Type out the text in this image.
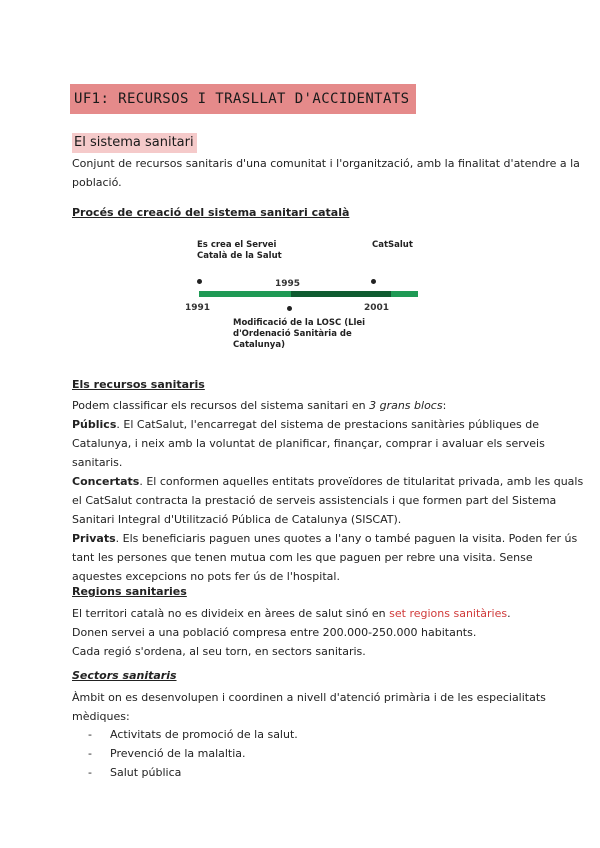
UF1: RECURSOS I TRASLLAT D'ACCIDENTATS
El sistema sanitari
Conjunt de recursos sanitaris d'una comunitat i l'organització, amb la finalitat d'atendre a la
població.
Procés de creació del sistema sanitari català
Es crea el Servei
Català de la Salut
CatSalut
1995
1991	2001
Modificació de la LOSC (Llei
d'Ordenació Sanitària de
Catalunya)
Els recursos sanitaris
Podem classificar els recursos del sistema sanitari en 3 grans blocs:
Públics. El CatSalut, l'encarregat del sistema de prestacions sanitàries públiques de
Catalunya, i neix amb la voluntat de planificar, finançar, comprar i avaluar els serveis
sanitaris.
Concertats. El conformen aquelles entitats proveïdores de titularitat privada, amb les quals
el CatSalut contracta la prestació de serveis assistencials i que formen part del Sistema
Sanitari Integral d'Utilització Pública de Catalunya (SISCAT).
Privats. Els beneficiaris paguen unes quotes a l'any o també paguen la visita. Poden fer ús
tant les persones que tenen mutua com les que paguen per rebre una visita. Sense
aquestes excepcions no pots fer ús de l'hospital.
Regions sanitaries
El territori català no es divideix en àrees de salut sinó en set regions sanitàries.
Donen servei a una població compresa entre 200.000-250.000 habitants.
Cada regió s'ordena, al seu torn, en sectors sanitaris.
Sectors sanitaris
Àmbit on es desenvolupen i coordinen a nivell d'atenció primària i de les especialitats
mèdiques:
- Activitats de promoció de la salut.
- Prevenció de la malaltia.
- Salut pública
